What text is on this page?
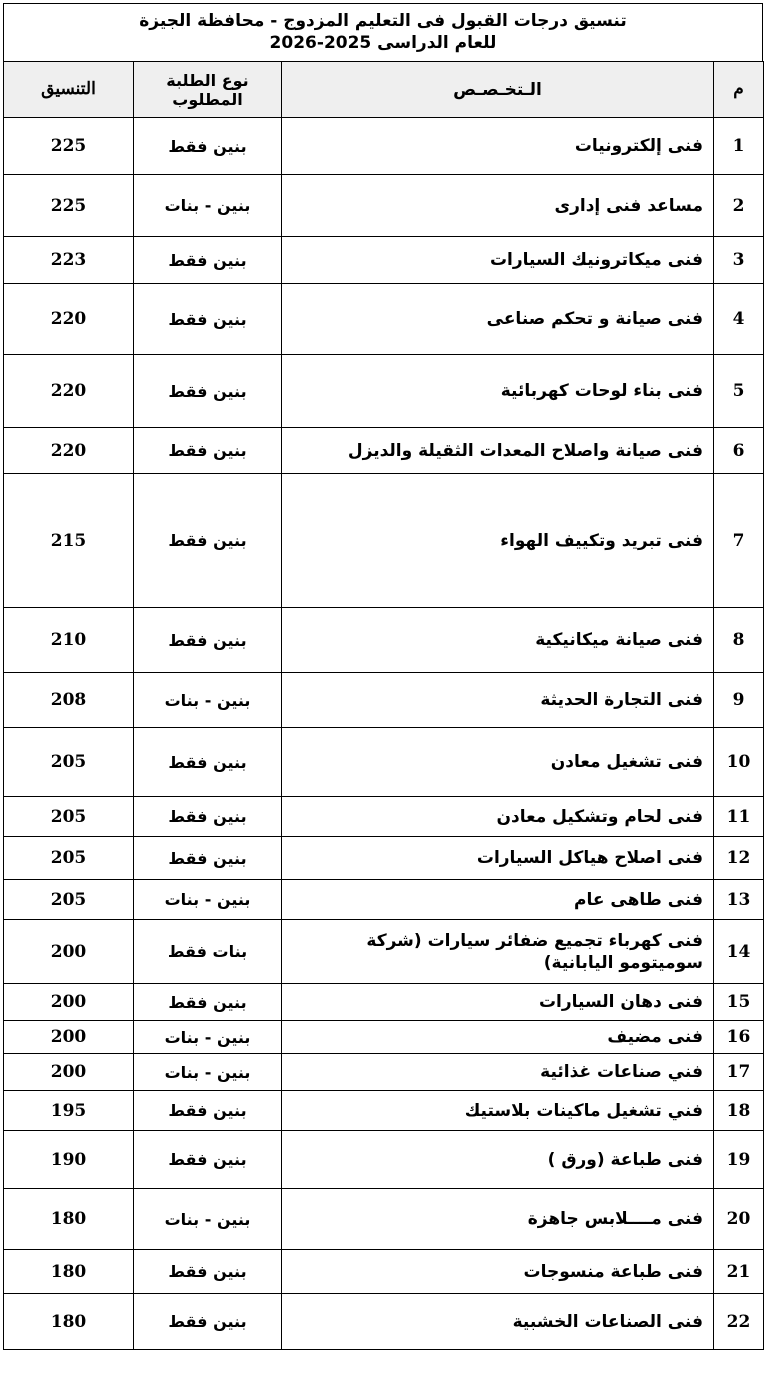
تنسيق درجات القبول فى التعليم المزدوج - محافظة الجيزة
للعام الدراسى 2025-2026
م	الـتخـصـص	نوع الطلبة المطلوب	التنسيق
1	فنى إلكترونيات	بنين فقط	225
2	مساعد فنى إدارى	بنين - بنات	225
3	فنى ميكاترونيك السيارات	بنين فقط	223
4	فنى صيانة و تحكم صناعى	بنين فقط	220
5	فنى بناء لوحات كهربائية	بنين فقط	220
6	فنى صيانة واصلاح المعدات الثقيلة والديزل	بنين فقط	220
7	فنى تبريد وتكييف الهواء	بنين فقط	215
8	فنى صيانة ميكانيكية	بنين فقط	210
9	فنى التجارة الحديثة	بنين - بنات	208
10	فنى تشغيل معادن	بنين فقط	205
11	فنى لحام وتشكيل معادن	بنين فقط	205
12	فنى اصلاح هياكل السيارات	بنين فقط	205
13	فنى طاهى عام	بنين - بنات	205
14	فنى كهرباء تجميع ضفائر سيارات (شركة سوميتومو اليابانية)	بنات فقط	200
15	فنى دهان السيارات	بنين فقط	200
16	فنى مضيف	بنين - بنات	200
17	فني صناعات غذائية	بنين - بنات	200
18	فني تشغيل ماكينات بلاستيك	بنين فقط	195
19	فنى طباعة (ورق )	بنين فقط	190
20	فنى مــــلابس جاهزة	بنين - بنات	180
21	فنى طباعة منسوجات	بنين فقط	180
22	فنى الصناعات الخشبية	بنين فقط	180
